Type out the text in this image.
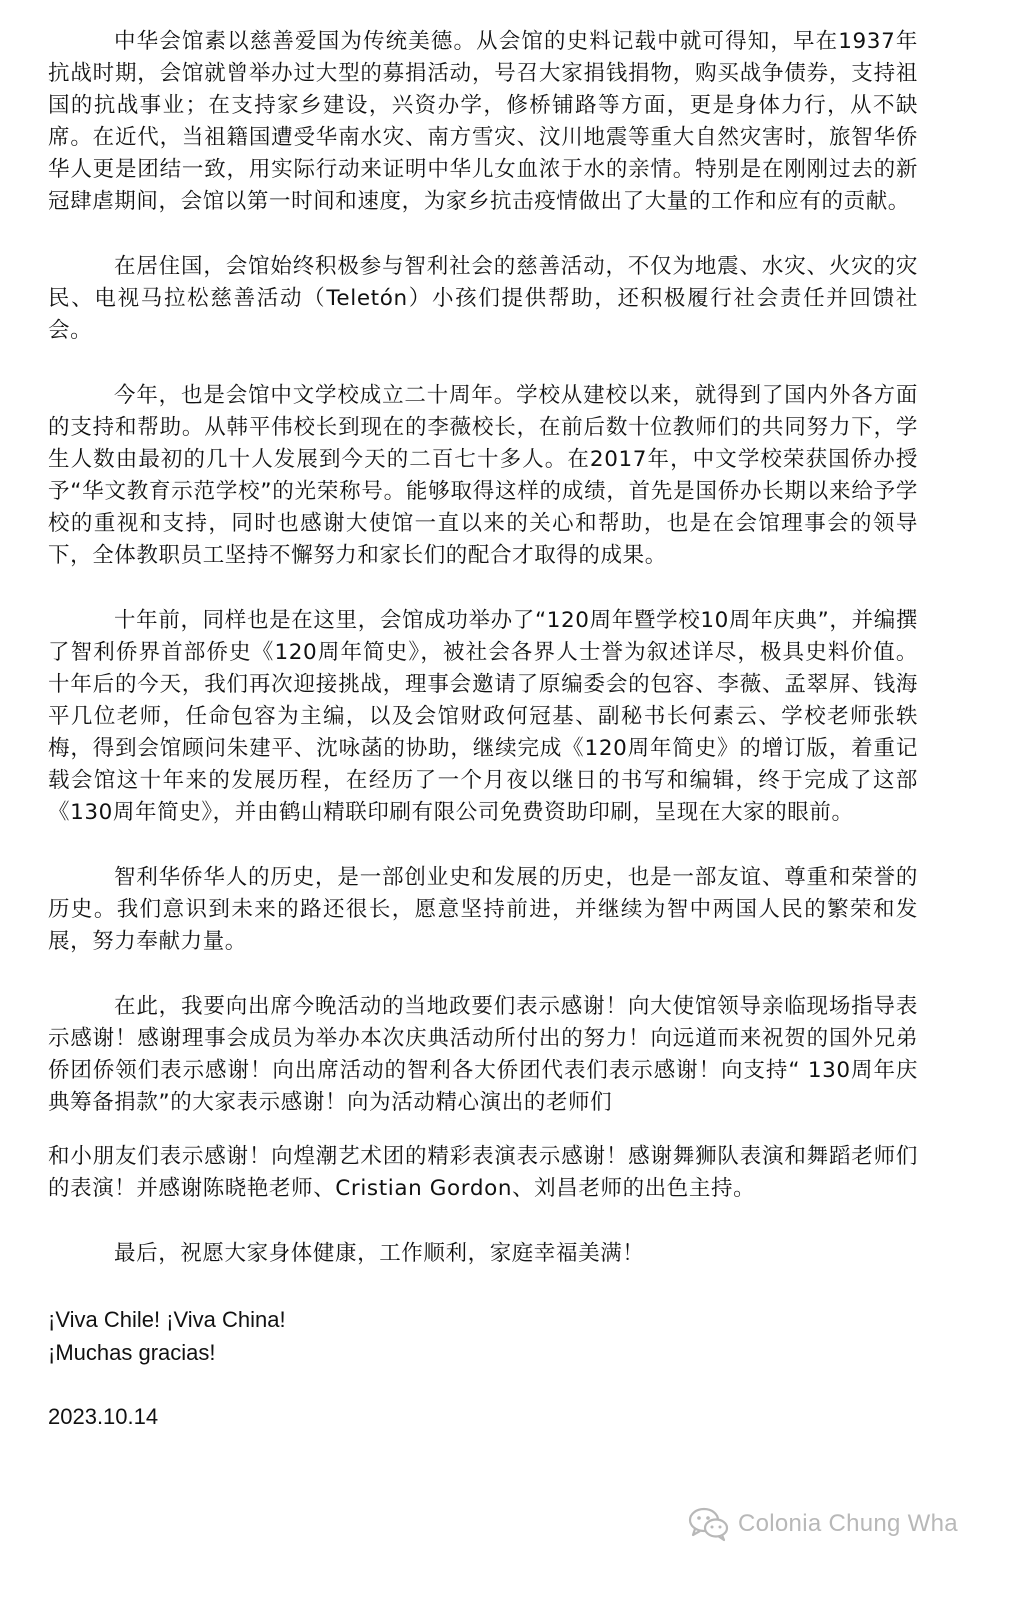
中华会馆素以慈善爱国为传统美德。从会馆的史料记载中就可得知，早在1937年抗战时期，会馆就曾举办过大型的募捐活动，号召大家捐钱捐物，购买战争债券，支持祖国的抗战事业；在支持家乡建设，兴资办学，修桥铺路等方面，更是身体力行，从不缺席。在近代，当祖籍国遭受华南水灾、南方雪灾、汶川地震等重大自然灾害时，旅智华侨华人更是团结一致，用实际行动来证明中华儿女血浓于水的亲情。特别是在刚刚过去的新冠肆虐期间，会馆以第一时间和速度，为家乡抗击疫情做出了大量的工作和应有的贡献。

在居住国，会馆始终积极参与智利社会的慈善活动，不仅为地震、水灾、火灾的灾民、电视马拉松慈善活动（Teletón）小孩们提供帮助，还积极履行社会责任并回馈社会。

今年，也是会馆中文学校成立二十周年。学校从建校以来，就得到了国内外各方面的支持和帮助。从韩平伟校长到现在的李薇校长，在前后数十位教师们的共同努力下，学生人数由最初的几十人发展到今天的二百七十多人。在2017年，中文学校荣获国侨办授予“华文教育示范学校”的光荣称号。能够取得这样的成绩，首先是国侨办长期以来给予学校的重视和支持，同时也感谢大使馆一直以来的关心和帮助，也是在会馆理事会的领导下，全体教职员工坚持不懈努力和家长们的配合才取得的成果。

十年前，同样也是在这里，会馆成功举办了“120周年暨学校10周年庆典”，并编撰了智利侨界首部侨史《120周年简史》，被社会各界人士誉为叙述详尽，极具史料价值。十年后的今天，我们再次迎接挑战，理事会邀请了原编委会的包容、李薇、孟翠屏、钱海平几位老师，任命包容为主编，以及会馆财政何冠基、副秘书长何素云、学校老师张轶梅，得到会馆顾问朱建平、沈咏菡的协助，继续完成《120周年简史》的增订版，着重记载会馆这十年来的发展历程，在经历了一个月夜以继日的书写和编辑，终于完成了这部《130周年简史》，并由鹤山精联印刷有限公司免费资助印刷，呈现在大家的眼前。

智利华侨华人的历史，是一部创业史和发展的历史，也是一部友谊、尊重和荣誉的历史。我们意识到未来的路还很长，愿意坚持前进，并继续为智中两国人民的繁荣和发展，努力奉献力量。

在此，我要向出席今晚活动的当地政要们表示感谢！向大使馆领导亲临现场指导表示感谢！感谢理事会成员为举办本次庆典活动所付出的努力！向远道而来祝贺的国外兄弟侨团侨领们表示感谢！向出席活动的智利各大侨团代表们表示感谢！向支持“ 130周年庆典筹备捐款”的大家表示感谢！向为活动精心演出的老师们

和小朋友们表示感谢！向煌潮艺术团的精彩表演表示感谢！感谢舞狮队表演和舞蹈老师们的表演！并感谢陈晓艳老师、Cristian Gordon、刘昌老师的出色主持。

最后，祝愿大家身体健康，工作顺利，家庭幸福美满！

¡Viva Chile! ¡Viva China!

¡Muchas gracias!

2023.10.14

Colonia Chung Wha
